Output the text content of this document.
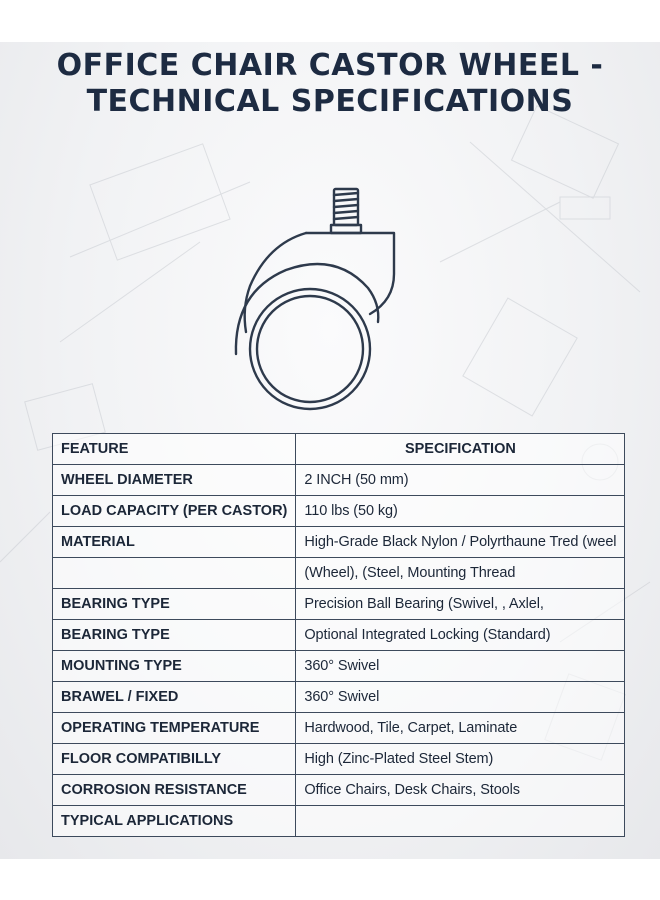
OFFICE CHAIR CASTOR WHEEL -
TECHNICAL SPECIFICATIONS
FEATURE	SPECIFICATION
WHEEL DIAMETER	2 INCH (50 mm)
LOAD CAPACITY (PER CASTOR)	110 lbs (50 kg)
MATERIAL	High-Grade Black Nylon / Polyrthaune Tred (weel
	(Wheel), (Steel, Mounting Thread
BEARING TYPE	Precision Ball Bearing (Swivel, , Axlel,
BEARING TYPE	Optional Integrated Locking (Standard)
MOUNTING TYPE	360° Swivel
BRAWEL / FIXED	360° Swivel
OPERATING TEMPERATURE	Hardwood, Tile, Carpet, Laminate
FLOOR COMPATIBILLY	High (Zinc-Plated Steel Stem)
CORROSION RESISTANCE	Office Chairs, Desk Chairs, Stools
TYPICAL APPLICATIONS	
